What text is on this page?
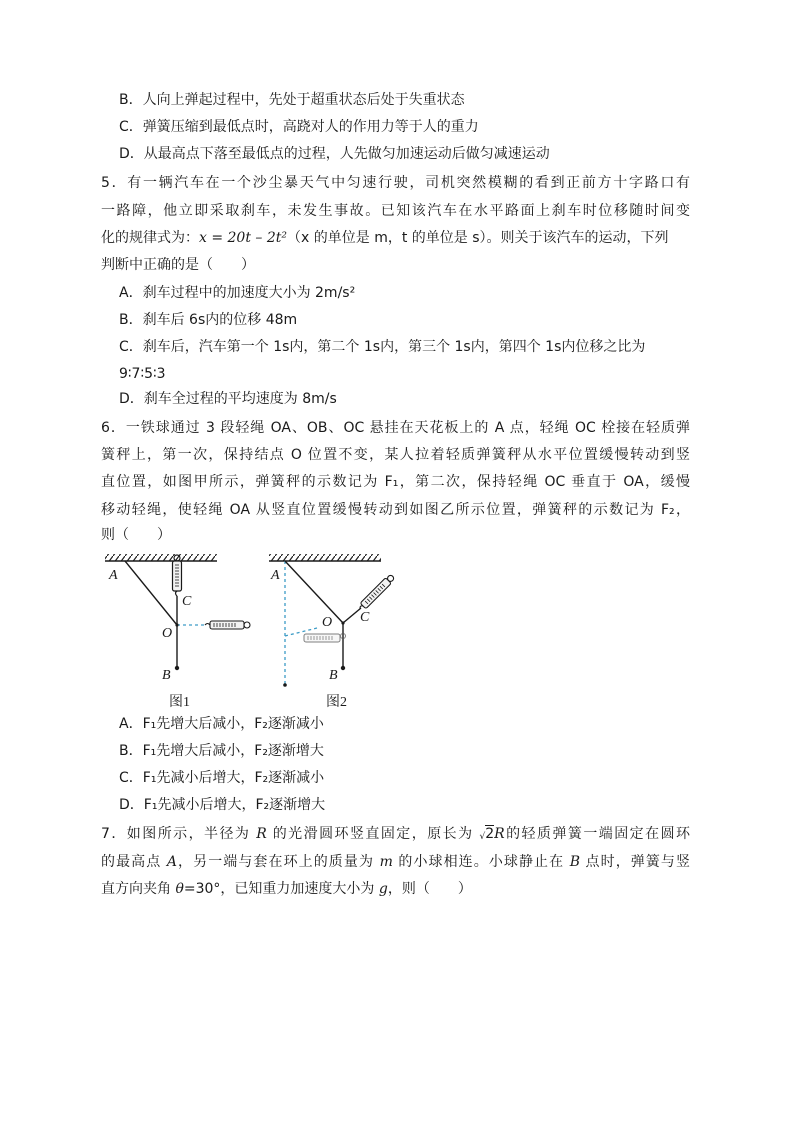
B．人向上弹起过程中，先处于超重状态后处于失重状态
C．弹簧压缩到最低点时，高跷对人的作用力等于人的重力
D．从最高点下落至最低点的过程，人先做匀加速运动后做匀减速运动
5．有一辆汽车在一个沙尘暴天气中匀速行驶，司机突然模糊的看到正前方十字路口有
一路障，他立即采取刹车，未发生事故。已知该汽车在水平路面上刹车时位移随时间变
化的规律式为：x = 20t – 2t²（x 的单位是 m，t 的单位是 s）。则关于该汽车的运动，下列
判断中正确的是（　　）
A．刹车过程中的加速度大小为 2m/s²
B．刹车后 6s内的位移 48m
C．刹车后，汽车第一个 1s内，第二个 1s内，第三个 1s内，第四个 1s内位移之比为
9∶7∶5∶3
D．刹车全过程的平均速度为 8m/s
6．一铁球通过 3 段轻绳 OA、OB、OC 悬挂在天花板上的 A 点，轻绳 OC 栓接在轻质弹
簧秤上，第一次，保持结点 O 位置不变，某人拉着轻质弹簧秤从水平位置缓慢转动到竖
直位置，如图甲所示，弹簧秤的示数记为 F₁，第二次，保持轻绳 OC 垂直于 OA，缓慢
移动轻绳，使轻绳 OA 从竖直位置缓慢转动到如图乙所示位置，弹簧秤的示数记为 F₂，
则（　　）
A
C
O
B
图1
A
C
O
B
图2
A．F₁先增大后减小，F₂逐渐减小
B．F₁先增大后减小，F₂逐渐增大
C．F₁先减小后增大，F₂逐渐减小
D．F₁先减小后增大，F₂逐渐增大
7．如图所示，半径为 R 的光滑圆环竖直固定，原长为 √2R的轻质弹簧一端固定在圆环
的最高点 A，另一端与套在环上的质量为 m 的小球相连。小球静止在 B 点时，弹簧与竖
直方向夹角 θ=30°，已知重力加速度大小为 g，则（　　）
